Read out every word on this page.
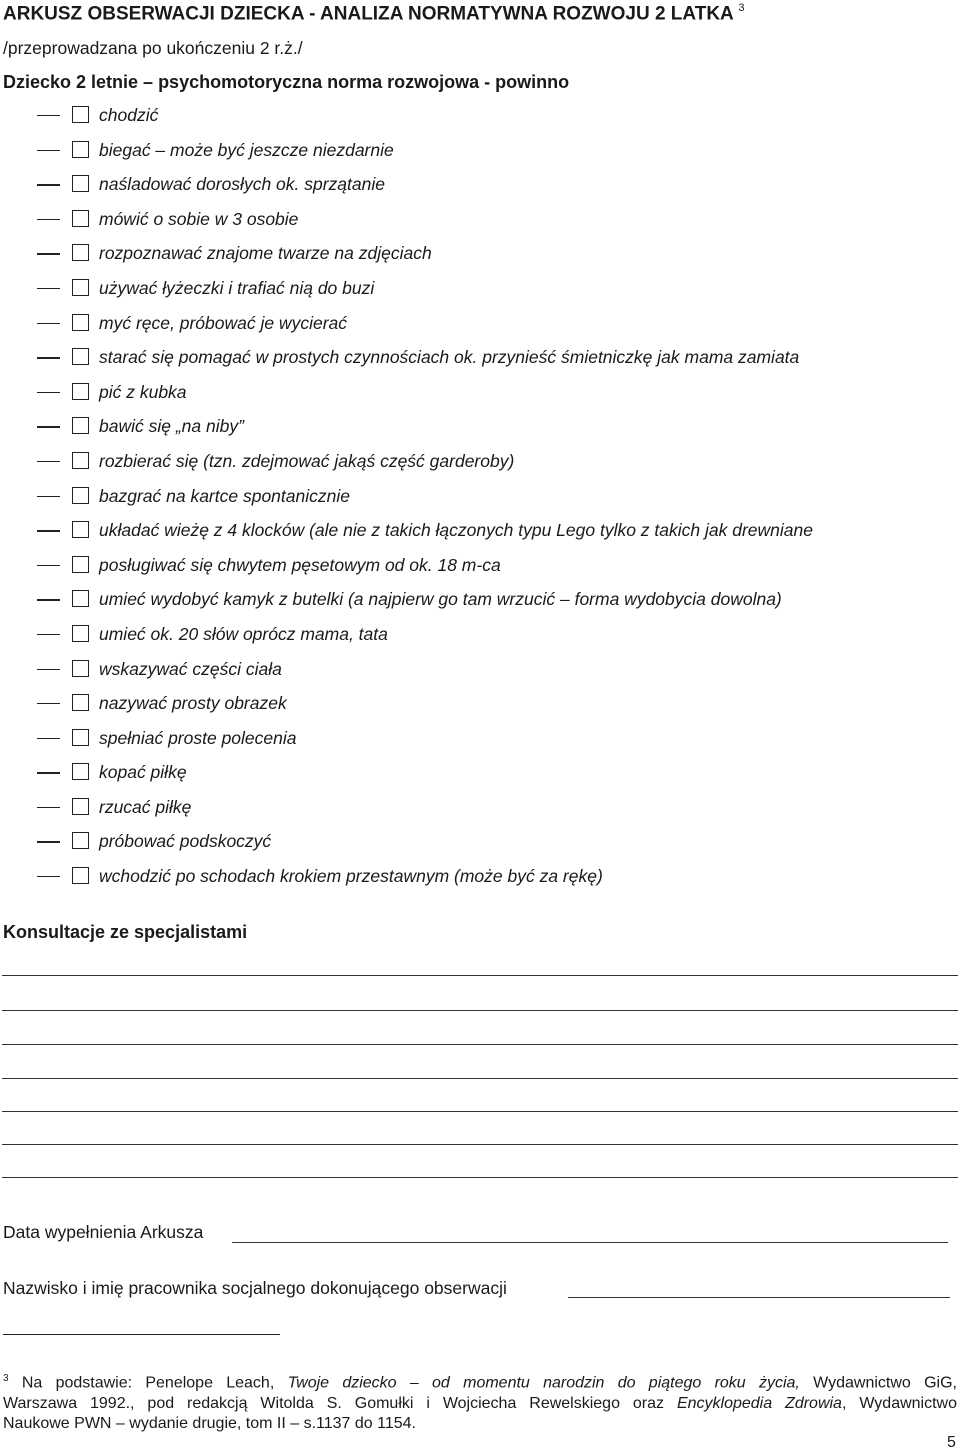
ARKUSZ OBSERWACJI DZIECKA - ANALIZA NORMATYWNA ROZWOJU 2 LATKA $^3$
/przeprowadzana po ukończeniu 2 r.ż./
Dziecko 2 letnie – psychomotoryczna norma rozwojowa - powinno
chodzić
biegać – może być jeszcze niezdarnie
naśladować dorosłych ok. sprzątanie
mówić o sobie w 3 osobie
rozpoznawać znajome twarze na zdjęciach
używać łyżeczki i trafiać nią do buzi
myć ręce, próbować je wycierać
starać się pomagać w prostych czynnościach ok. przynieść śmietniczkę jak mama zamiata
pić z kubka
bawić się „na niby”
rozbierać się (tzn. zdejmować jakąś część garderoby)
bazgrać na kartce spontanicznie
układać wieżę z 4 klocków (ale nie z takich łączonych typu Lego tylko z takich jak drewniane
posługiwać się chwytem pęsetowym od ok. 18 m-ca
umieć wydobyć kamyk z butelki (a najpierw go tam wrzucić – forma wydobycia dowolna)
umieć ok. 20 słów oprócz mama, tata
wskazywać części ciała
nazywać prosty obrazek
spełniać proste polecenia
kopać piłkę
rzucać piłkę
próbować podskoczyć
wchodzić po schodach krokiem przestawnym (może być za rękę)
Konsultacje ze specjalistami
Data wypełnienia Arkusza
Nazwisko i imię pracownika socjalnego dokonującego obserwacji
$^3$ Na podstawie: Penelope Leach, Twoje dziecko – od momentu narodzin do piątego roku życia, Wydawnictwo GiG,
Warszawa 1992., pod redakcją Witolda S. Gomułki i Wojciecha Rewelskiego oraz Encyklopedia Zdrowia, Wydawnictwo
Naukowe PWN – wydanie drugie, tom II – s.1137 do 1154.
5
